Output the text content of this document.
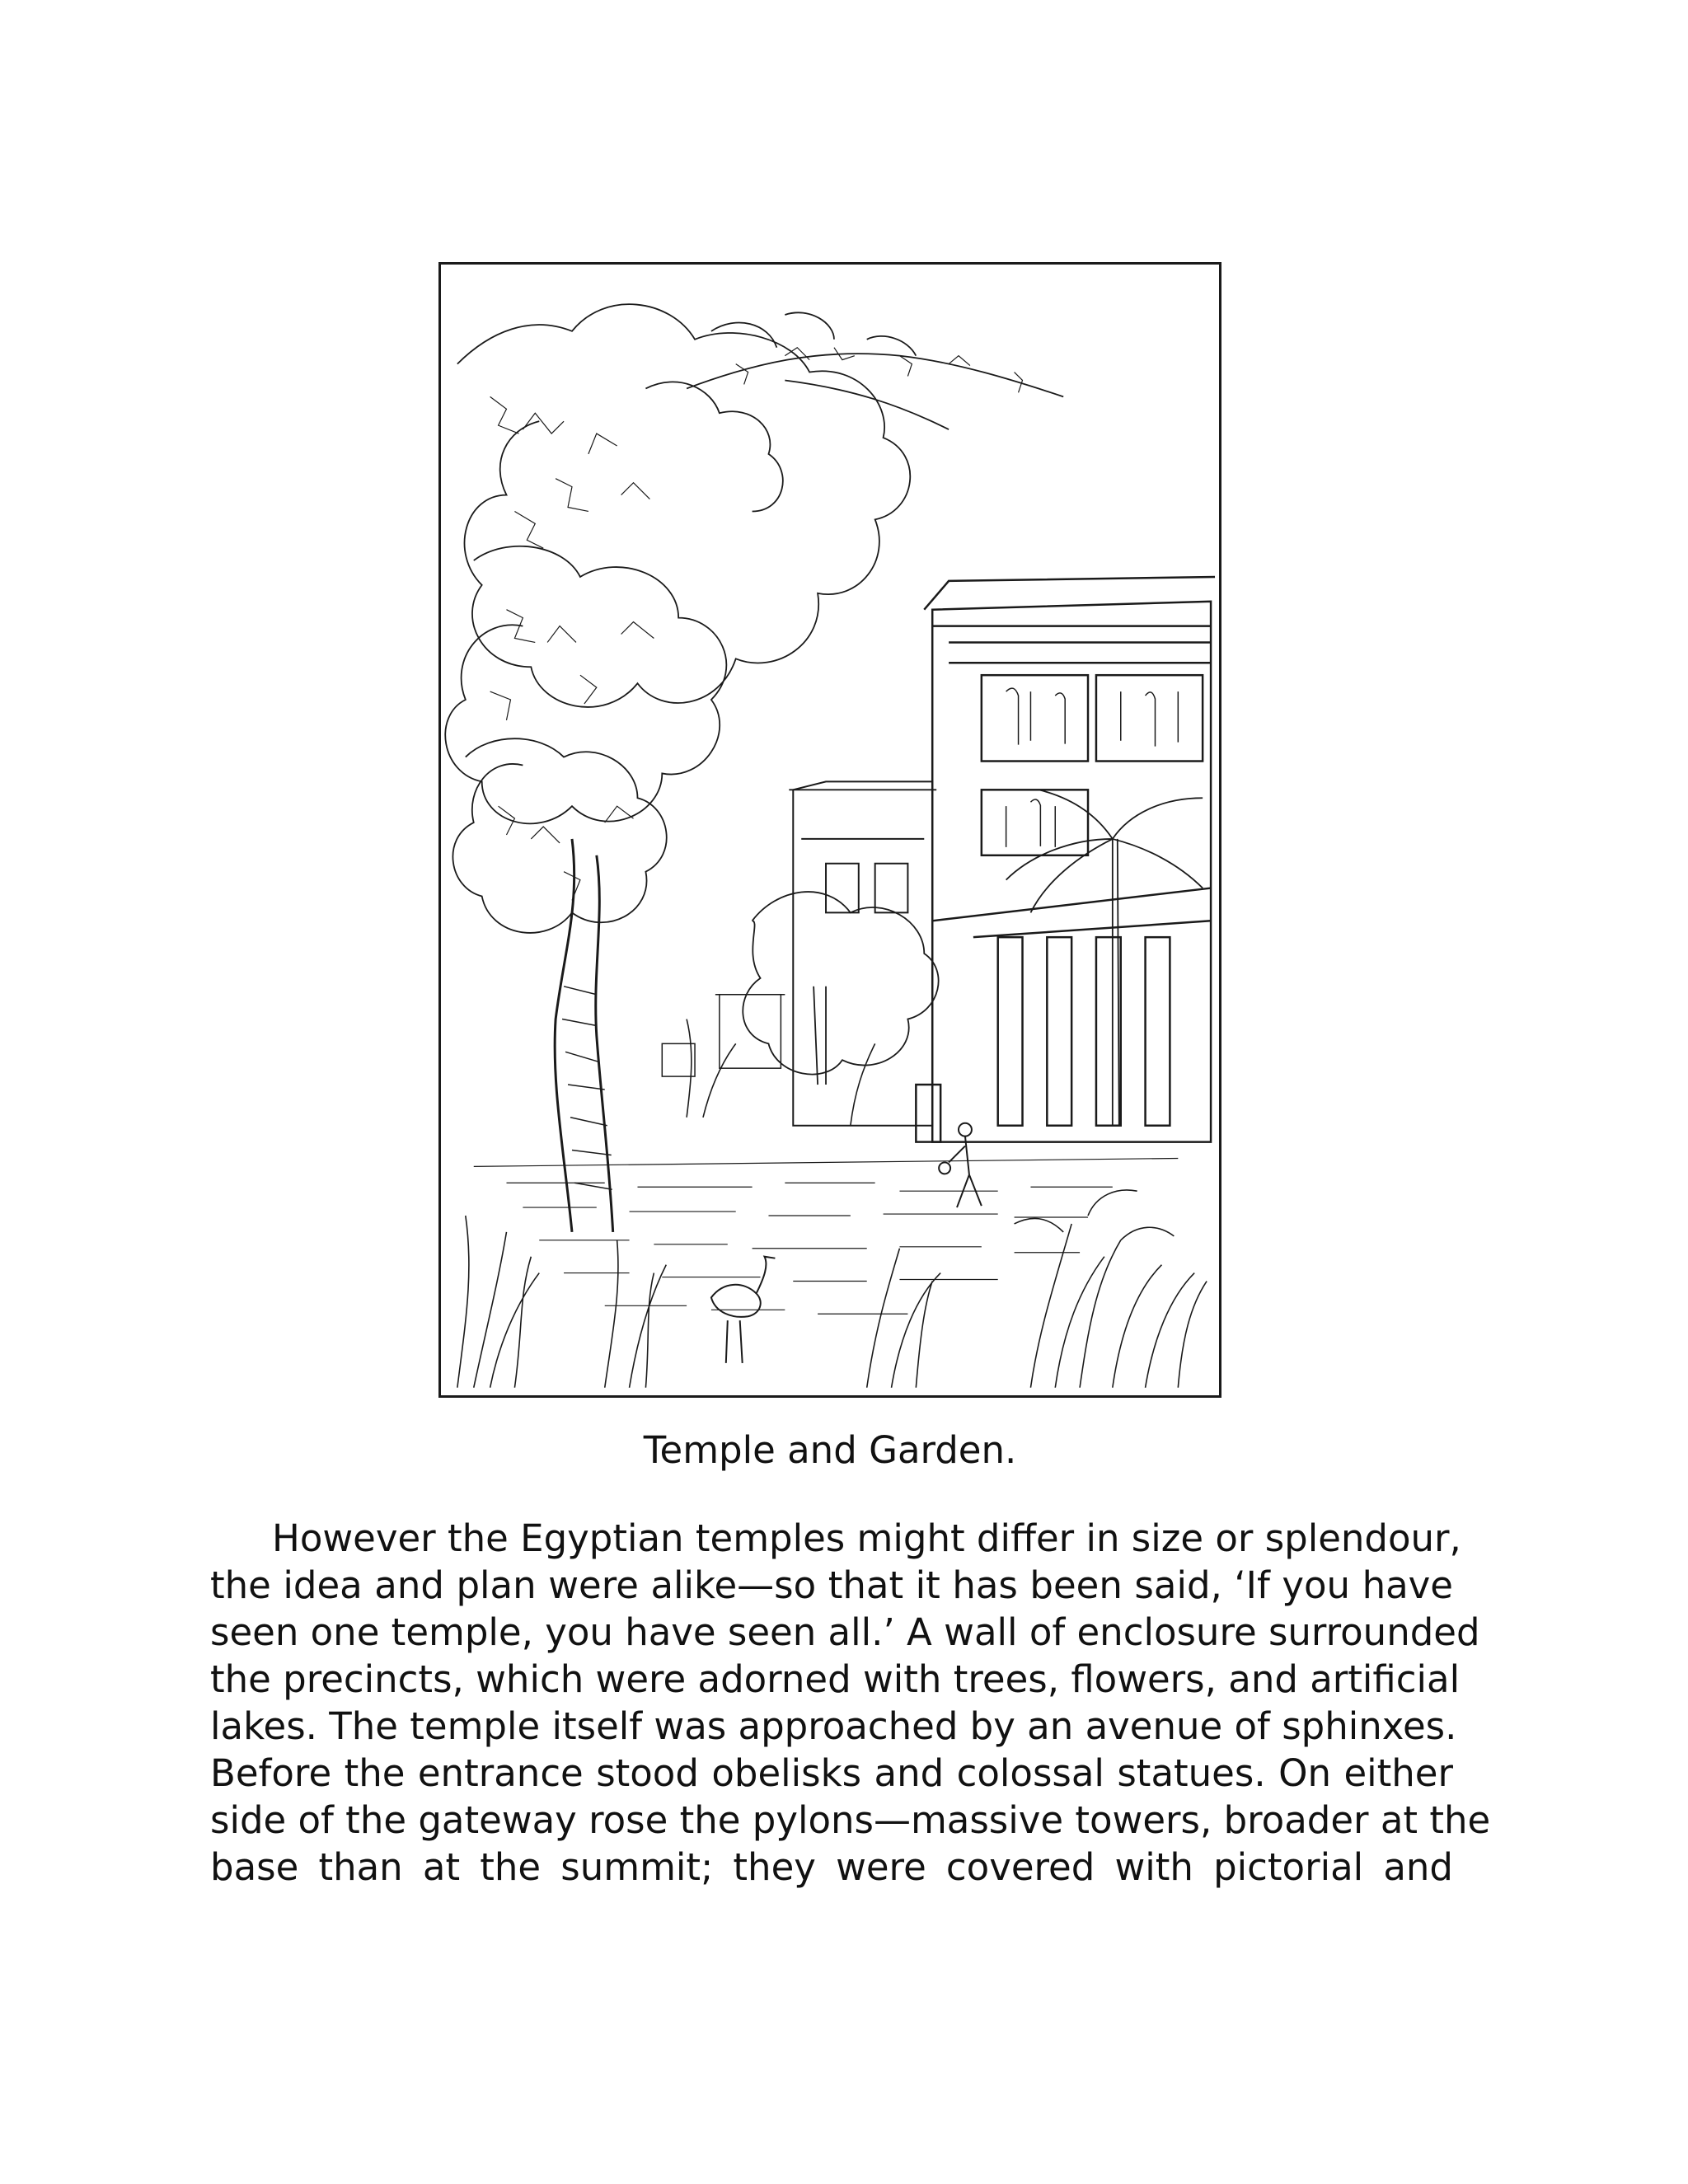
Temple and Garden.
However the Egyptian temples might differ in size or splendour,
the idea and plan were alike—so that it has been said, ‘If you have
seen one temple, you have seen all.’ A wall of enclosure surrounded
the precincts, which were adorned with trees, flowers, and artificial
lakes. The temple itself was approached by an avenue of sphinxes.
Before the entrance stood obelisks and colossal statues. On either
side of the gateway rose the pylons—massive towers, broader at the
base than at the summit; they were covered with pictorial and
